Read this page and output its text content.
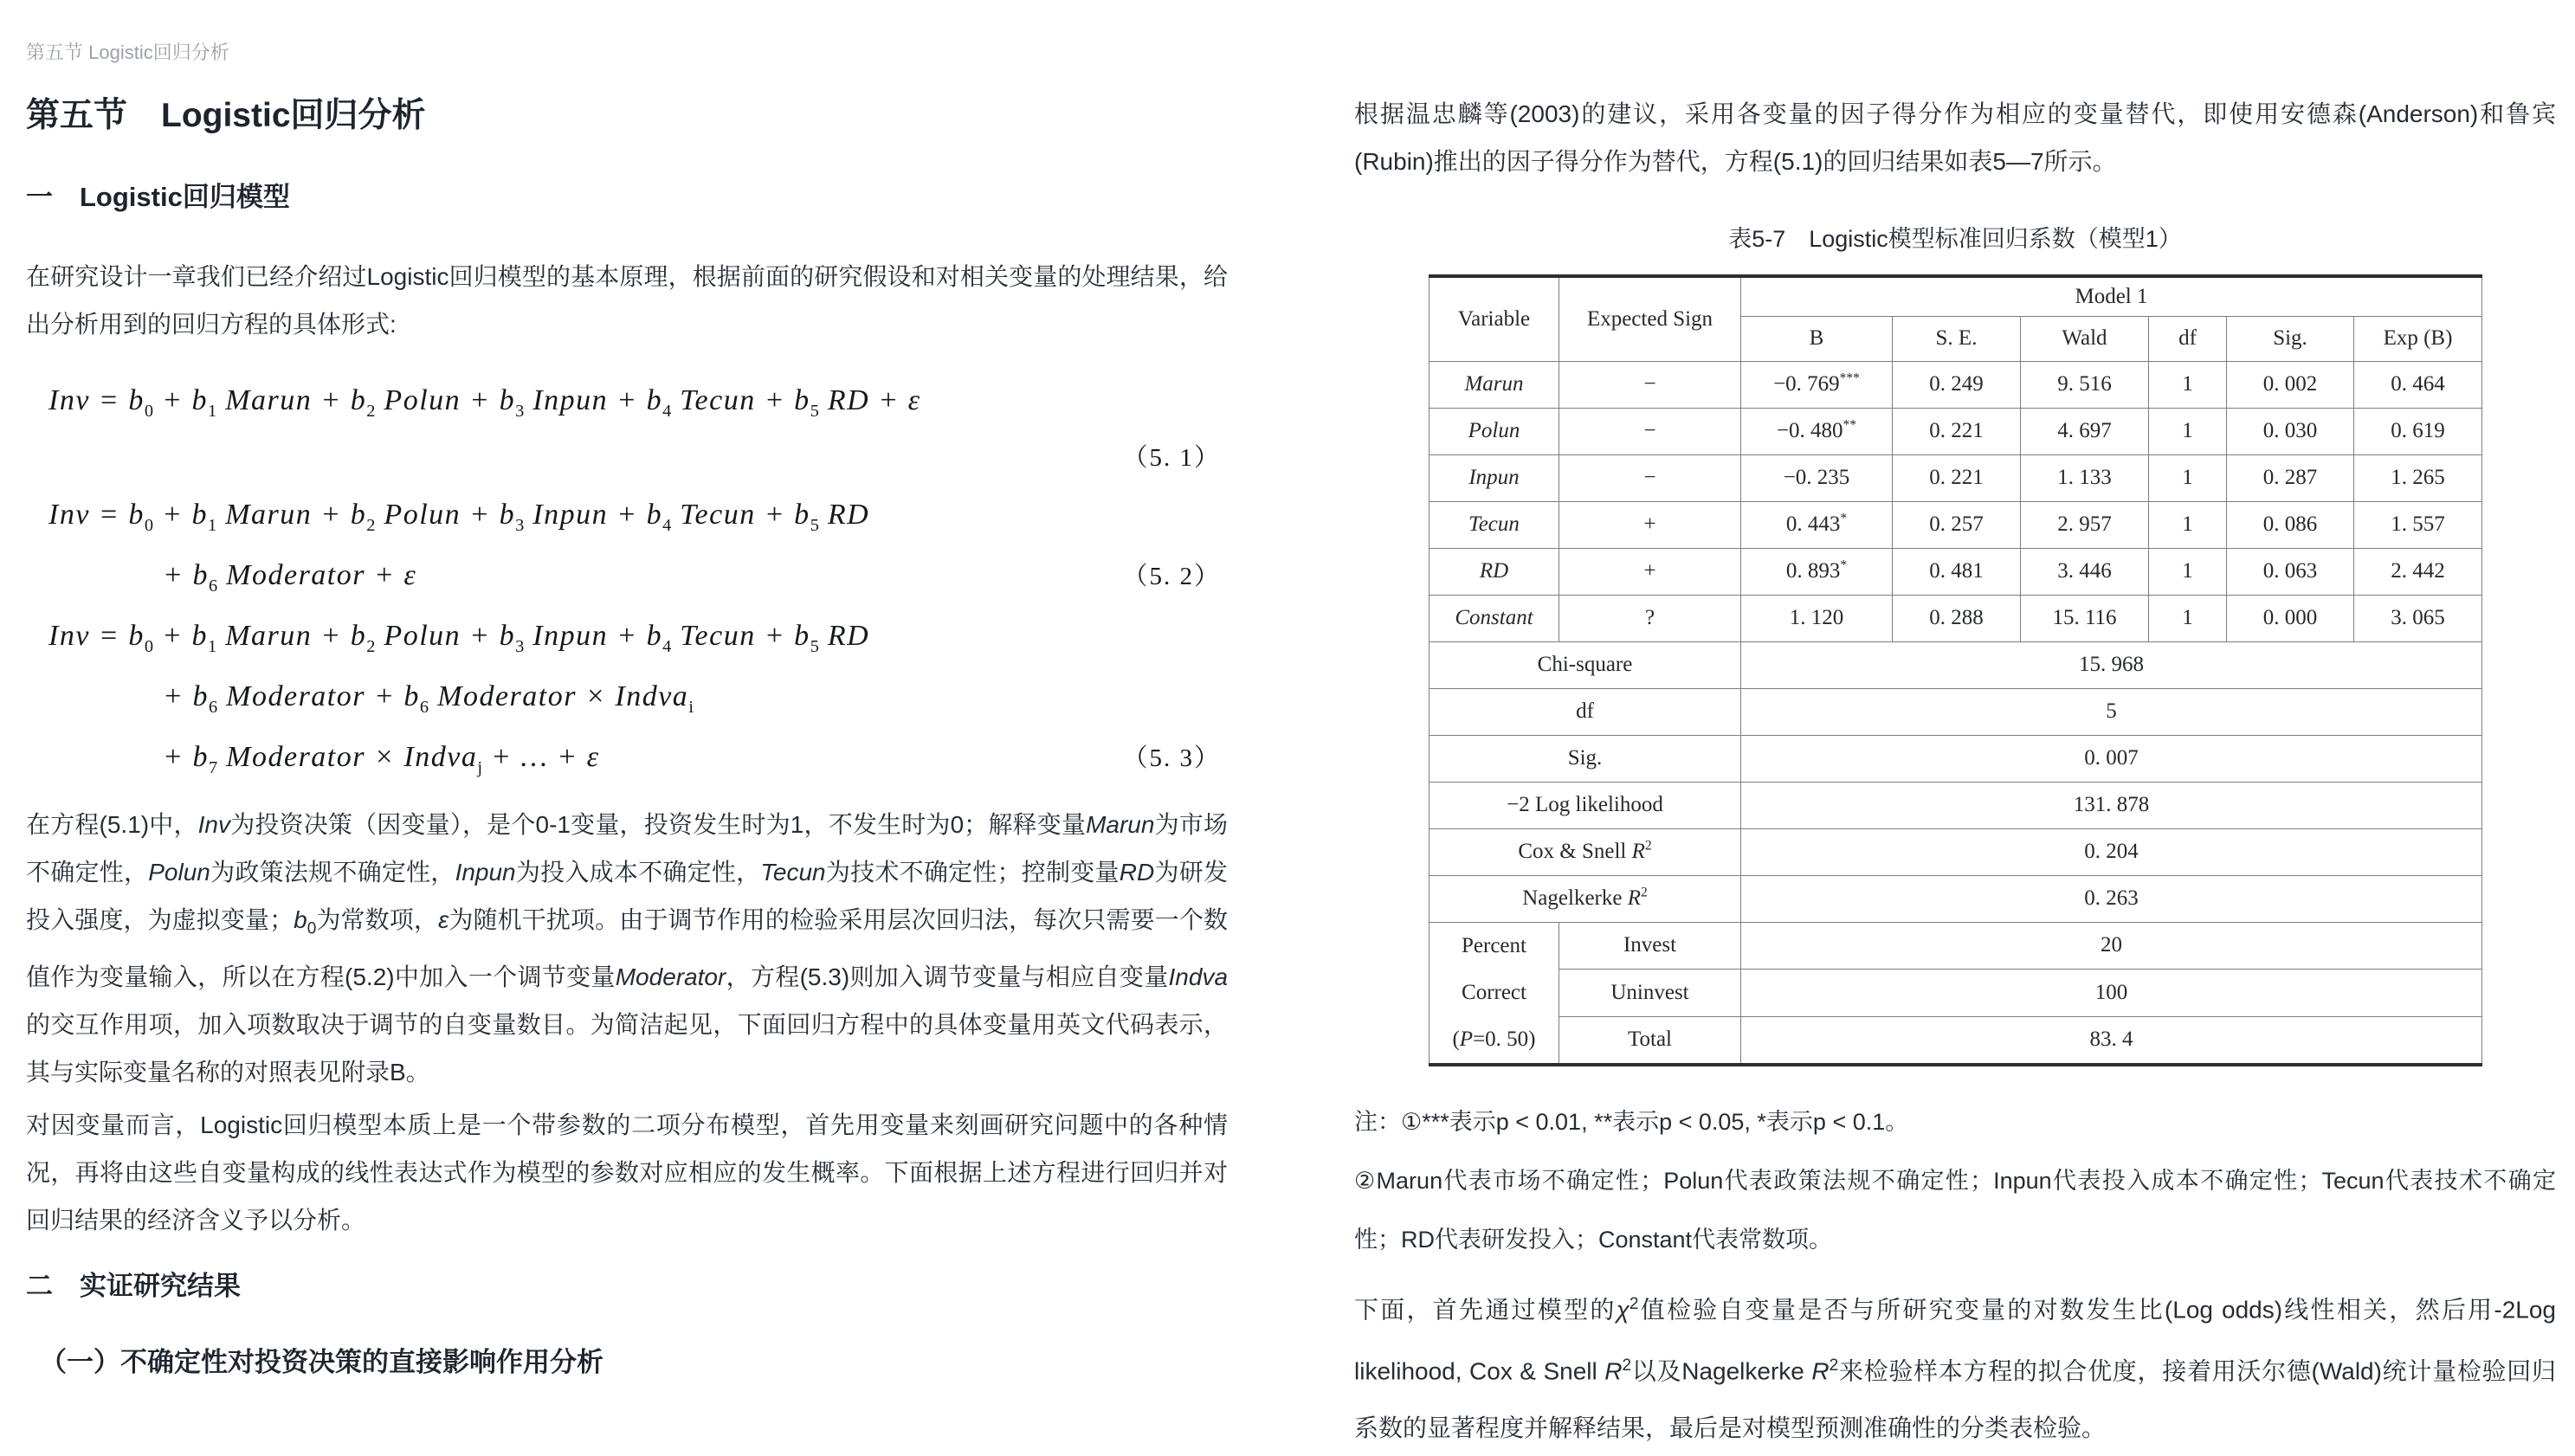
第五节 Logistic回归分析
第五节　Logistic回归分析
一　Logistic回归模型
在研究设计一章我们已经介绍过Logistic回归模型的基本原理，根据前面的研究假设和对相关变量的处理结果，给出分析用到的回归方程的具体形式:
Inv = $b_0 + b_1$ Marun + $b_2$ Polun + $b_3$ Inpun + $b_4$ Tecun + $b_5$ RD + ε
（5. 1）
Inv = $b_0 + b_1$ Marun + $b_2$ Polun + $b_3$ Inpun + $b_4$ Tecun + $b_5$ RD
+ $b_6$ Moderator + ε	（5. 2）
Inv = $b_0 + b_1$ Marun + $b_2$ Polun + $b_3$ Inpun + $b_4$ Tecun + $b_5$ RD
+ $b_6$ Moderator + $b_6$ Moderator × Indva$_i$
+ $b_7$ Moderator × Indva$_j$ + … + ε	（5. 3）
在方程(5.1)中，Inv为投资决策（因变量），是个0-1变量，投资发生时为1，不发生时为0；解释变量Marun为市场不确定性，Polun为政策法规不确定性，Inpun为投入成本不确定性，Tecun为技术不确定性；控制变量RD为研发投入强度，为虚拟变量；$b_0$为常数项，ε为随机干扰项。由于调节作用的检验采用层次回归法，每次只需要一个数值作为变量输入，所以在方程(5.2)中加入一个调节变量Moderator，方程(5.3)则加入调节变量与相应自变量Indva的交互作用项，加入项数取决于调节的自变量数目。为简洁起见，下面回归方程中的具体变量用英文代码表示，其与实际变量名称的对照表见附录B。
对因变量而言，Logistic回归模型本质上是一个带参数的二项分布模型，首先用变量来刻画研究问题中的各种情况，再将由这些自变量构成的线性表达式作为模型的参数对应相应的发生概率。下面根据上述方程进行回归并对回归结果的经济含义予以分析。
二　实证研究结果
（一）不确定性对投资决策的直接影响作用分析
根据温忠麟等(2003)的建议，采用各变量的因子得分作为相应的变量替代，即使用安德森(Anderson)和鲁宾(Rubin)推出的因子得分作为替代，方程(5.1)的回归结果如表5—7所示。
表5-7　Logistic模型标准回归系数（模型1）
Variable	Expected Sign	Model 1					
		B	S. E.	Wald	df	Sig.	Exp (B)
Marun	−	−0. 769***	0. 249	9. 516	1	0. 002	0. 464
Polun	−	−0. 480**	0. 221	4. 697	1	0. 030	0. 619
Inpun	−	−0. 235	0. 221	1. 133	1	0. 287	1. 265
Tecun	+	0. 443*	0. 257	2. 957	1	0. 086	1. 557
RD	+	0. 893*	0. 481	3. 446	1	0. 063	2. 442
Constant	?	1. 120	0. 288	15. 116	1	0. 000	3. 065
Chi-square		15. 968					
df		5					
Sig.		0. 007					
−2 Log likelihood		131. 878					
Cox & Snell $R^2$		0. 204					
Nagelkerke $R^2$		0. 263					

Percent
Correct
(P=0. 50)	Invest	20					
	Uninvest	100					
	Total	83. 4					
注：①***表示p < 0.01, **表示p < 0.05, *表示p < 0.1。
②Marun代表市场不确定性；Polun代表政策法规不确定性；Inpun代表投入成本不确定性；Tecun代表技术不确定性；RD代表研发投入；Constant代表常数项。
下面，首先通过模型的$\chi^2$值检验自变量是否与所研究变量的对数发生比(Log odds)线性相关，然后用-2Log likelihood, Cox & Snell $R^2$以及Nagelkerke $R^2$来检验样本方程的拟合优度，接着用沃尔德(Wald)统计量检验回归系数的显著程度并解释结果，最后是对模型预测准确性的分类表检验。
